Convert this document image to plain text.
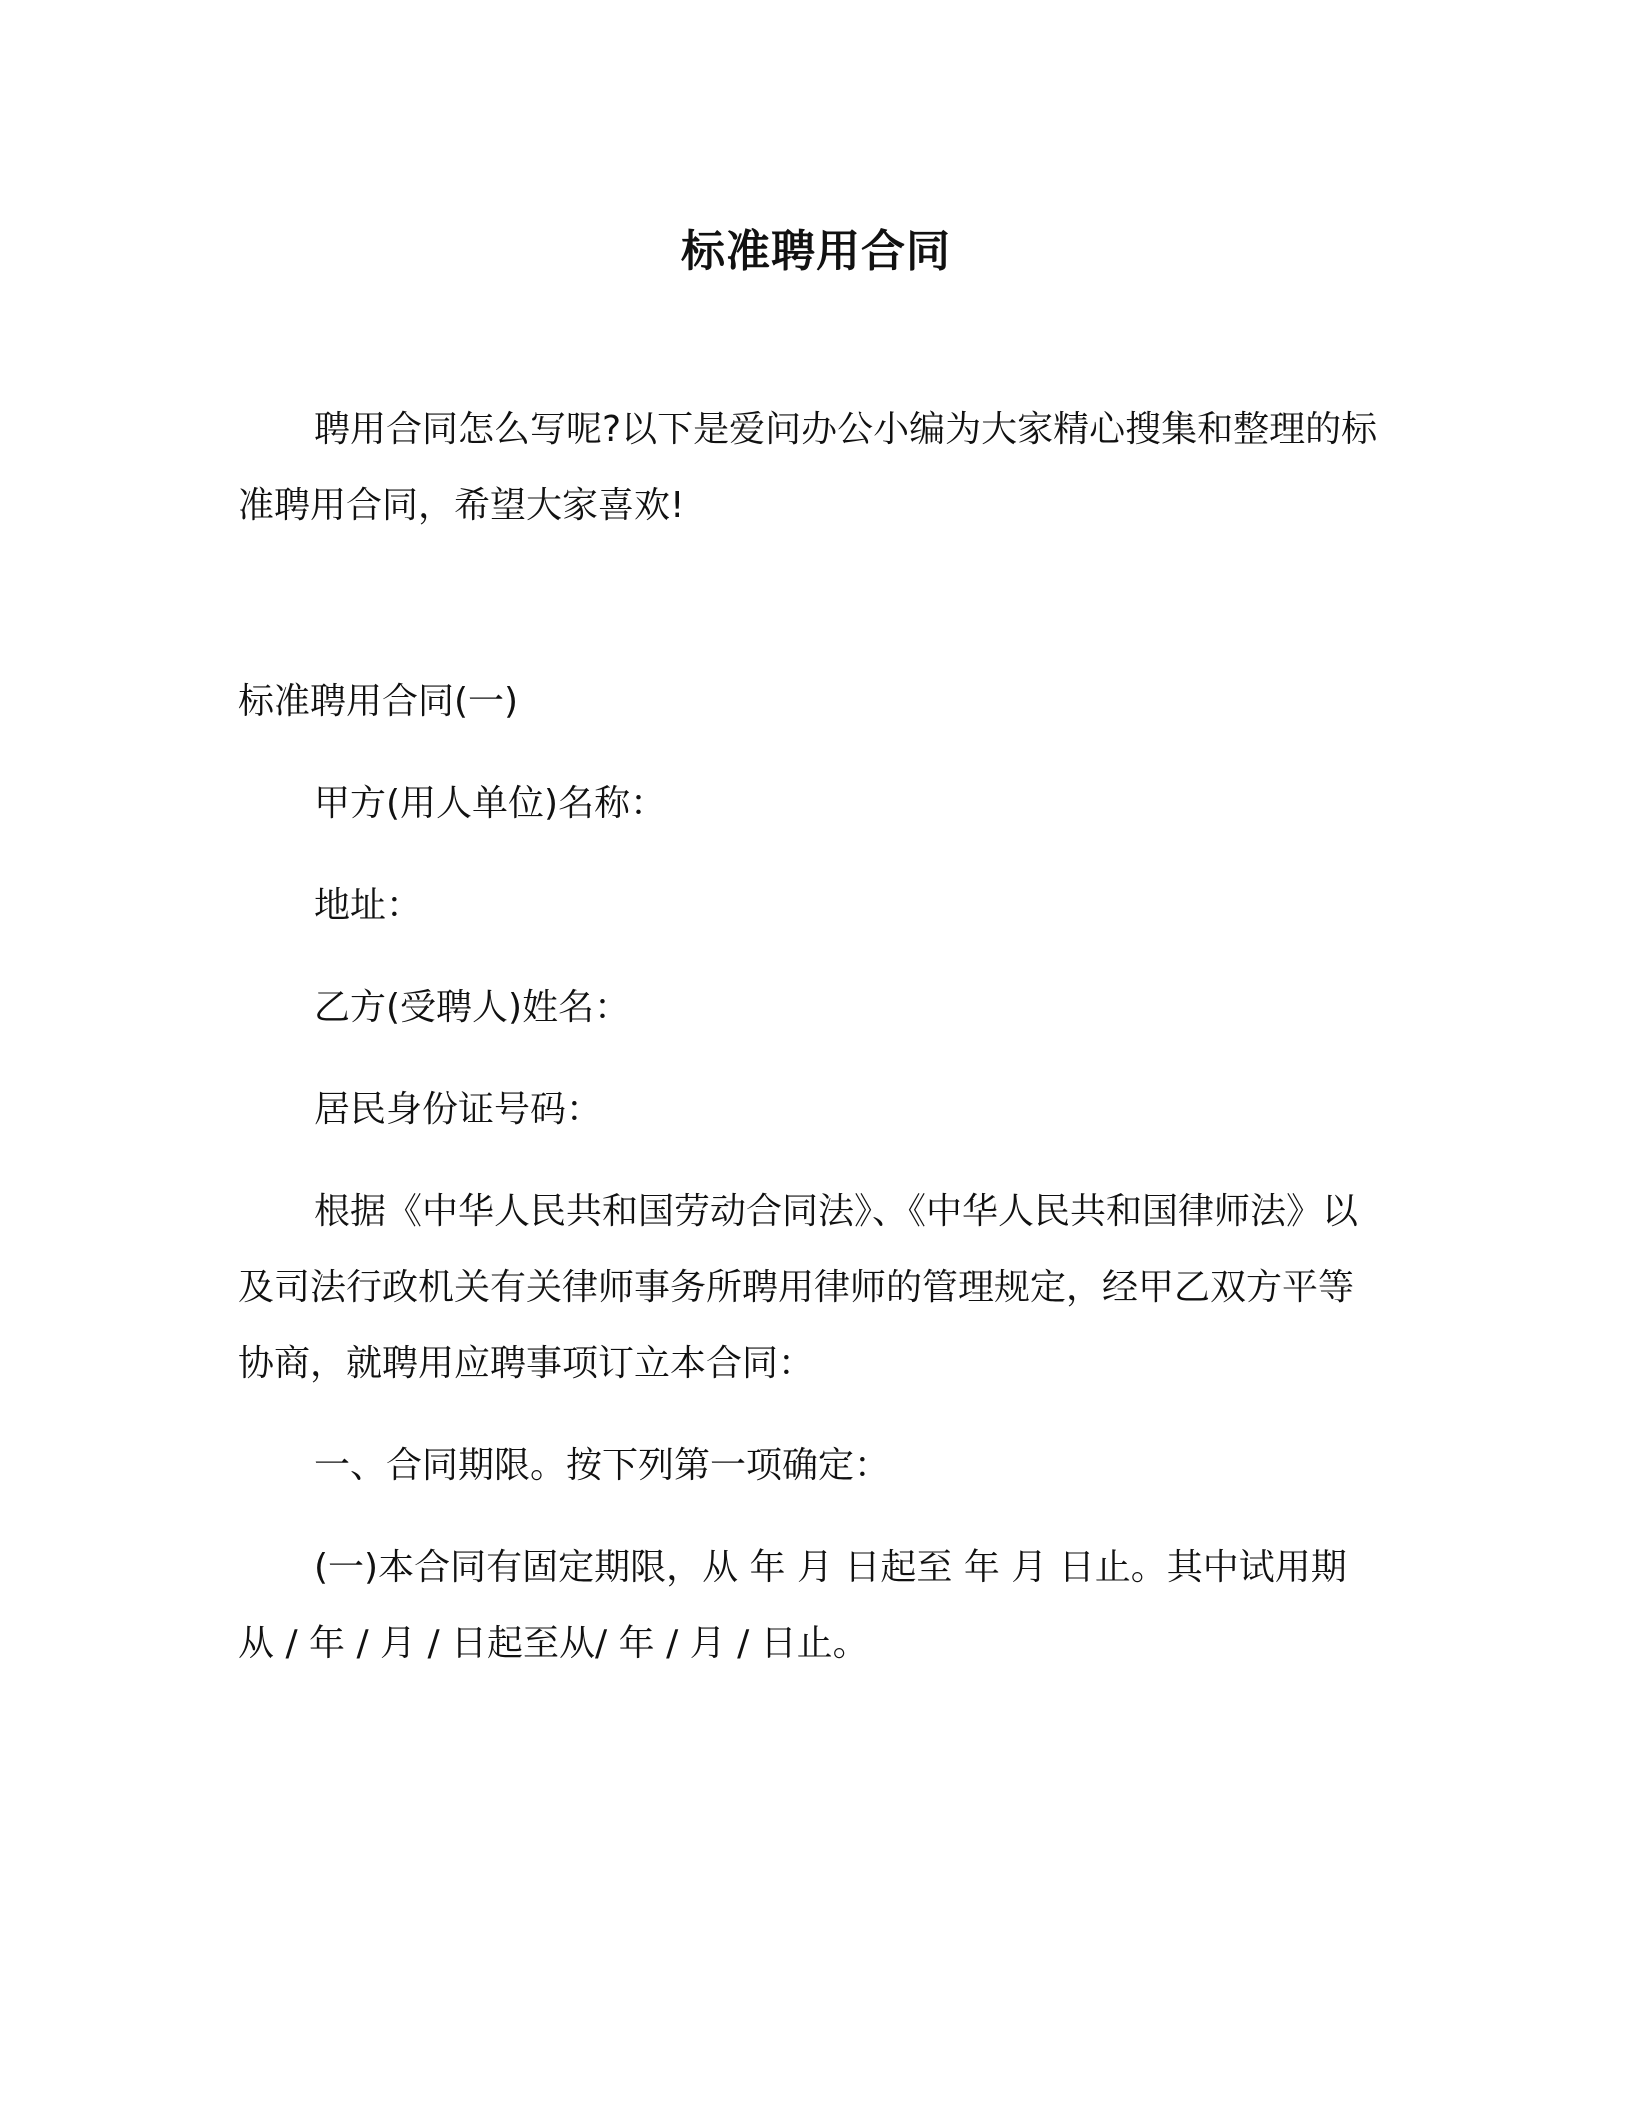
标准聘用合同

聘用合同怎么写呢?以下是爱问办公小编为大家精心搜集和整理的标准聘用合同，希望大家喜欢!

标准聘用合同(一)

甲方(用人单位)名称：

地址：

乙方(受聘人)姓名：

居民身份证号码：

根据《中华人民共和国劳动合同法》、《中华人民共和国律师法》以及司法行政机关有关律师事务所聘用律师的管理规定，经甲乙双方平等协商，就聘用应聘事项订立本合同：

一、合同期限。按下列第一项确定：

(一)本合同有固定期限，从 年 月 日起至 年 月 日止。其中试用期从 / 年 / 月 / 日起至从/ 年 / 月 / 日止。
